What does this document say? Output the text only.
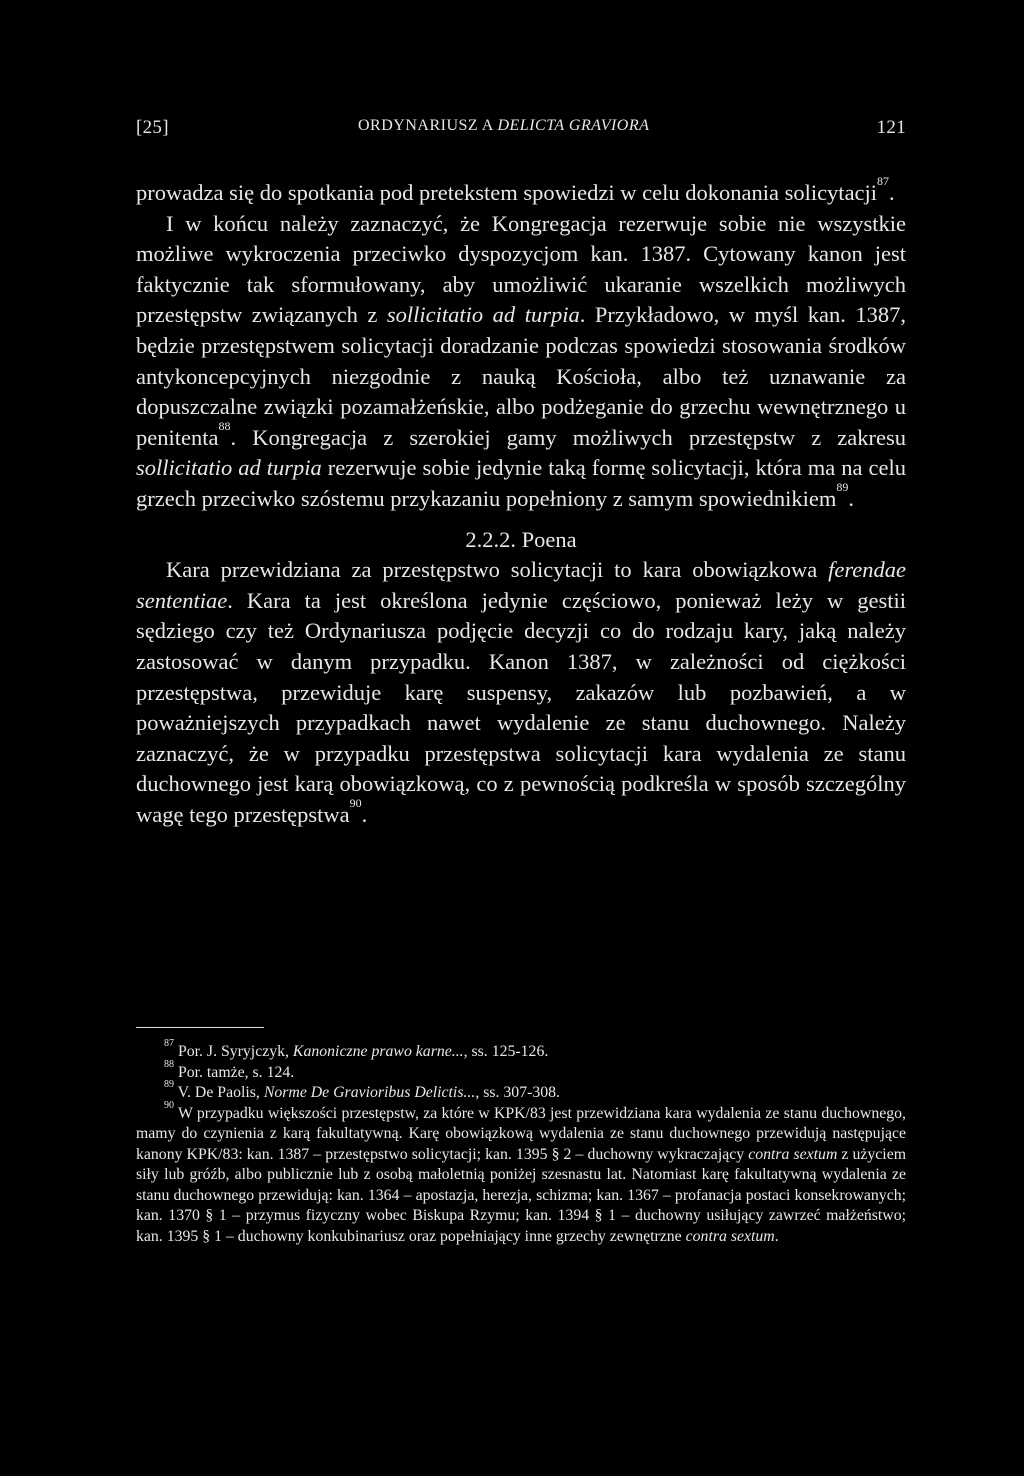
[25]	ORDYNARIUSZ A DELICTA GRAVIORA	121

prowadza się do spotkania pod pretekstem spowiedzi w celu dokonania solicytacji$^{87}$.

I w końcu należy zaznaczyć, że Kongregacja rezerwuje sobie nie wszystkie możliwe wykroczenia przeciwko dyspozycjom kan. 1387. Cytowany kanon jest faktycznie tak sformułowany, aby umożliwić ukaranie wszelkich możliwych przestępstw związanych z sollicitatio ad turpia. Przykładowo, w myśl kan. 1387, będzie przestępstwem solicytacji doradzanie podczas spowiedzi stosowania środków antykoncepcyjnych niezgodnie z nauką Kościoła, albo też uznawanie za dopuszczalne związki pozamałżeńskie, albo podżeganie do grzechu wewnętrznego u penitenta$^{88}$. Kongregacja z szerokiej gamy możliwych przestępstw z zakresu sollicitatio ad turpia rezerwuje sobie jedynie taką formę solicytacji, która ma na celu grzech przeciwko szóstemu przykazaniu popełniony z samym spowiednikiem$^{89}$.

2.2.2. Poena

Kara przewidziana za przestępstwo solicytacji to kara obowiązkowa ferendae sententiae. Kara ta jest określona jedynie częściowo, ponieważ leży w gestii sędziego czy też Ordynariusza podjęcie decyzji co do rodzaju kary, jaką należy zastosować w danym przypadku. Kanon 1387, w zależności od ciężkości przestępstwa, przewiduje karę suspensy, zakazów lub pozbawień, a w poważniejszych przypadkach nawet wydalenie ze stanu duchownego. Należy zaznaczyć, że w przypadku przestępstwa solicytacji kara wydalenia ze stanu duchownego jest karą obowiązkową, co z pewnością podkreśla w sposób szczególny wagę tego przestępstwa$^{90}$.

$^{87}$ Por. J. Syryjczyk, Kanoniczne prawo karne..., ss. 125-126.

$^{88}$ Por. tamże, s. 124.

$^{89}$ V. De Paolis, Norme De Gravioribus Delictis..., ss. 307-308.

$^{90}$ W przypadku większości przestępstw, za które w KPK/83 jest przewidziana kara wydalenia ze stanu duchownego, mamy do czynienia z karą fakultatywną. Karę obowiązkową wydalenia ze stanu duchownego przewidują następujące kanony KPK/83: kan. 1387 – przestępstwo solicytacji; kan. 1395 § 2 – duchowny wykraczający contra sextum z użyciem siły lub gróźb, albo publicznie lub z osobą małoletnią poniżej szesnastu lat. Natomiast karę fakultatywną wydalenia ze stanu duchownego przewidują: kan. 1364 – apostazja, herezja, schizma; kan. 1367 – profanacja postaci konsekrowanych; kan. 1370 § 1 – przymus fizyczny wobec Biskupa Rzymu; kan. 1394 § 1 – duchowny usiłujący zawrzeć małżeństwo; kan. 1395 § 1 – duchowny konkubinariusz oraz popełniający inne grzechy zewnętrzne contra sextum.
